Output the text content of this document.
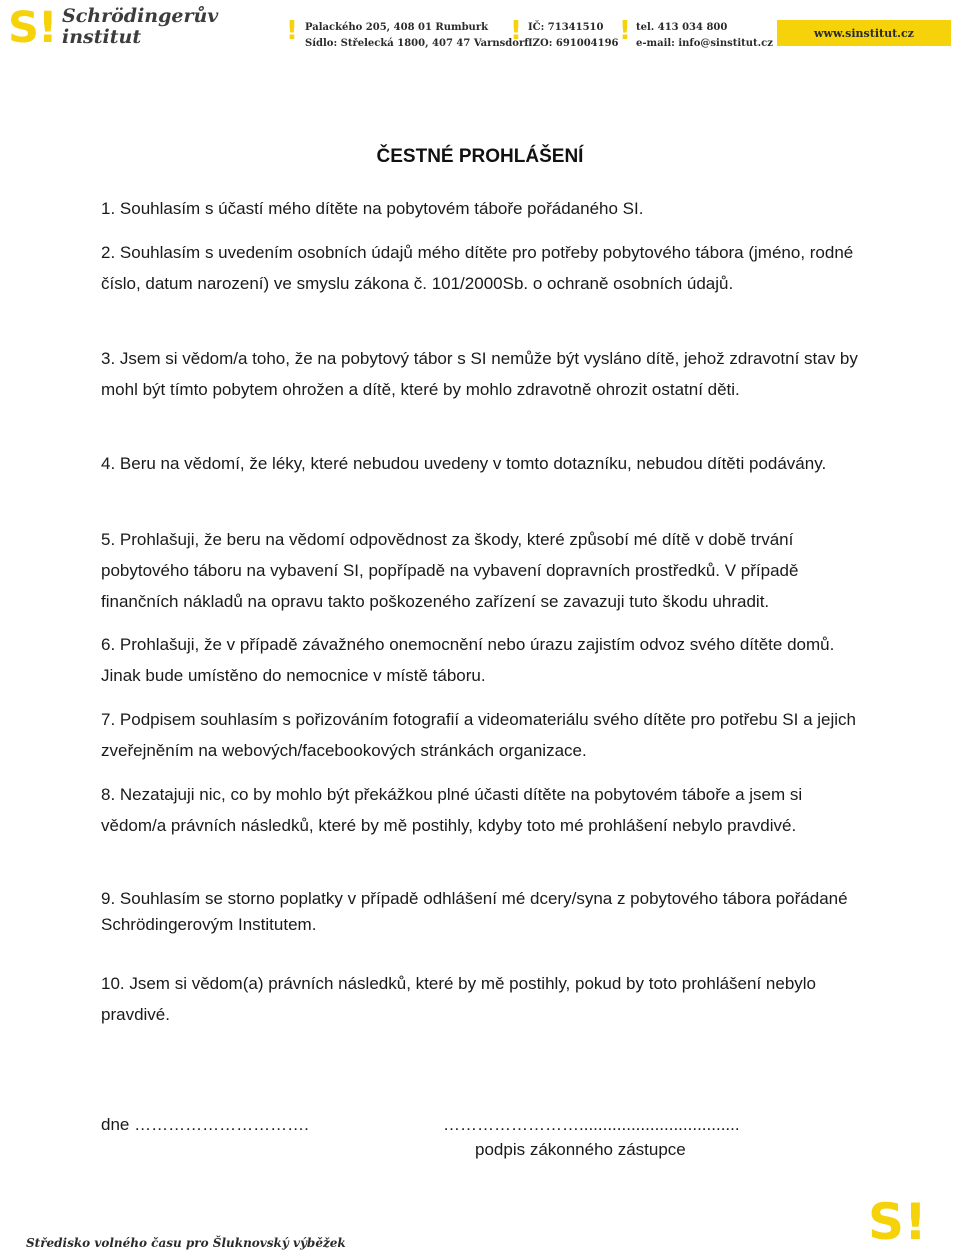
S! Schrödingerův
institut	! Palackého 205, 408 01 Rumburk
Sídlo: Střelecká 1800, 407 47 Varnsdorf
! IČ: 71341510
IZO: 691004196 ! tel. 413 034 800
e-mail: info@sinstitut.cz
www.sinstitut.cz
ČESTNÉ PROHLÁŠENÍ
1. Souhlasím s účastí mého dítěte na pobytovém táboře pořádaného SI.
2. Souhlasím s uvedením osobních údajů mého dítěte pro potřeby pobytového tábora (jméno, rodné číslo, datum narození) ve smyslu zákona č. 101/2000Sb. o ochraně osobních údajů.
3. Jsem si vědom/a toho, že na pobytový tábor s SI nemůže být vysláno dítě, jehož zdravotní stav by mohl být tímto pobytem ohrožen a dítě, které by mohlo zdravotně ohrozit ostatní děti.
4. Beru na vědomí, že léky, které nebudou uvedeny v tomto dotazníku, nebudou dítěti podávány.
5. Prohlašuji, že beru na vědomí odpovědnost za škody, které způsobí mé dítě v době trvání pobytového táboru na vybavení SI, popřípadě na vybavení dopravních prostředků. V případě finančních nákladů na opravu takto poškozeného zařízení se zavazuji tuto škodu uhradit.
6. Prohlašuji, že v případě závažného onemocnění nebo úrazu zajistím odvoz svého dítěte domů. Jinak bude umístěno do nemocnice v místě táboru.
7. Podpisem souhlasím s pořizováním fotografií a videomateriálu svého dítěte pro potřebu SI a jejich zveřejněním na webových/facebookových stránkách organizace.
8. Nezatajuji nic, co by mohlo být překážkou plné účasti dítěte na pobytovém táboře a jsem si vědom/a právních následků, které by mě postihly, kdyby toto mé prohlášení nebylo pravdivé.
9. Souhlasím se storno poplatky v případě odhlášení mé dcery/syna z pobytového tábora pořádané Schrödingerovým Institutem.
10. Jsem si vědom(a) právních následků, které by mě postihly, pokud by toto prohlášení nebylo pravdivé.
dne ………………………….	……………………..................................
podpis zákonného zástupce
Středisko volného času pro Šluknovský výběžek	S!
